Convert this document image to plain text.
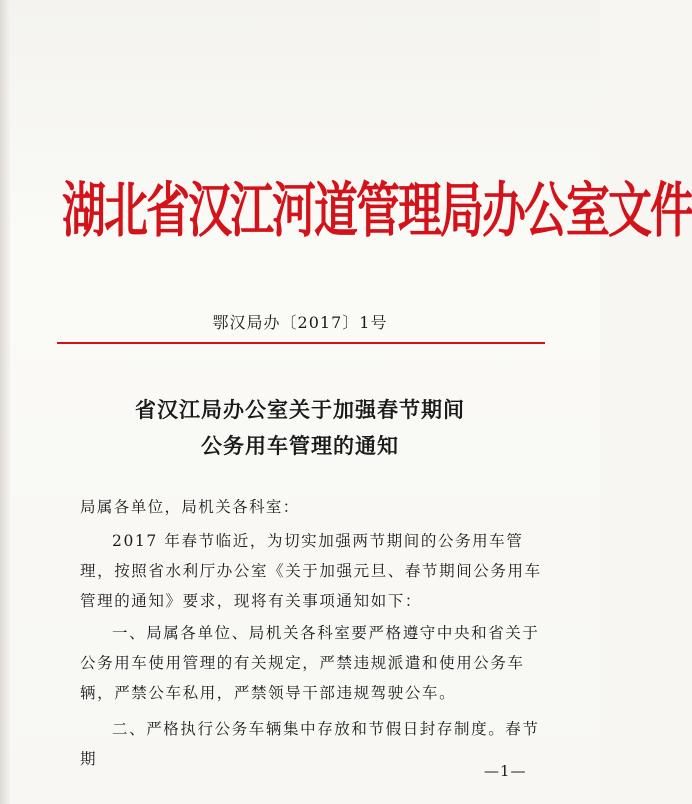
湖北省汉江河道管理局办公室文件
鄂汉局办〔2017〕1号
省汉江局办公室关于加强春节期间
公务用车管理的通知
局属各单位，局机关各科室：
2017 年春节临近，为切实加强两节期间的公务用车管理，按照省水利厅办公室《关于加强元旦、春节期间公务用车管理的通知》要求，现将有关事项通知如下：
一、局属各单位、局机关各科室要严格遵守中央和省关于公务用车使用管理的有关规定，严禁违规派遣和使用公务车辆，严禁公车私用，严禁领导干部违规驾驶公车。
二、严格执行公务车辆集中存放和节假日封存制度。春节期
—1—
